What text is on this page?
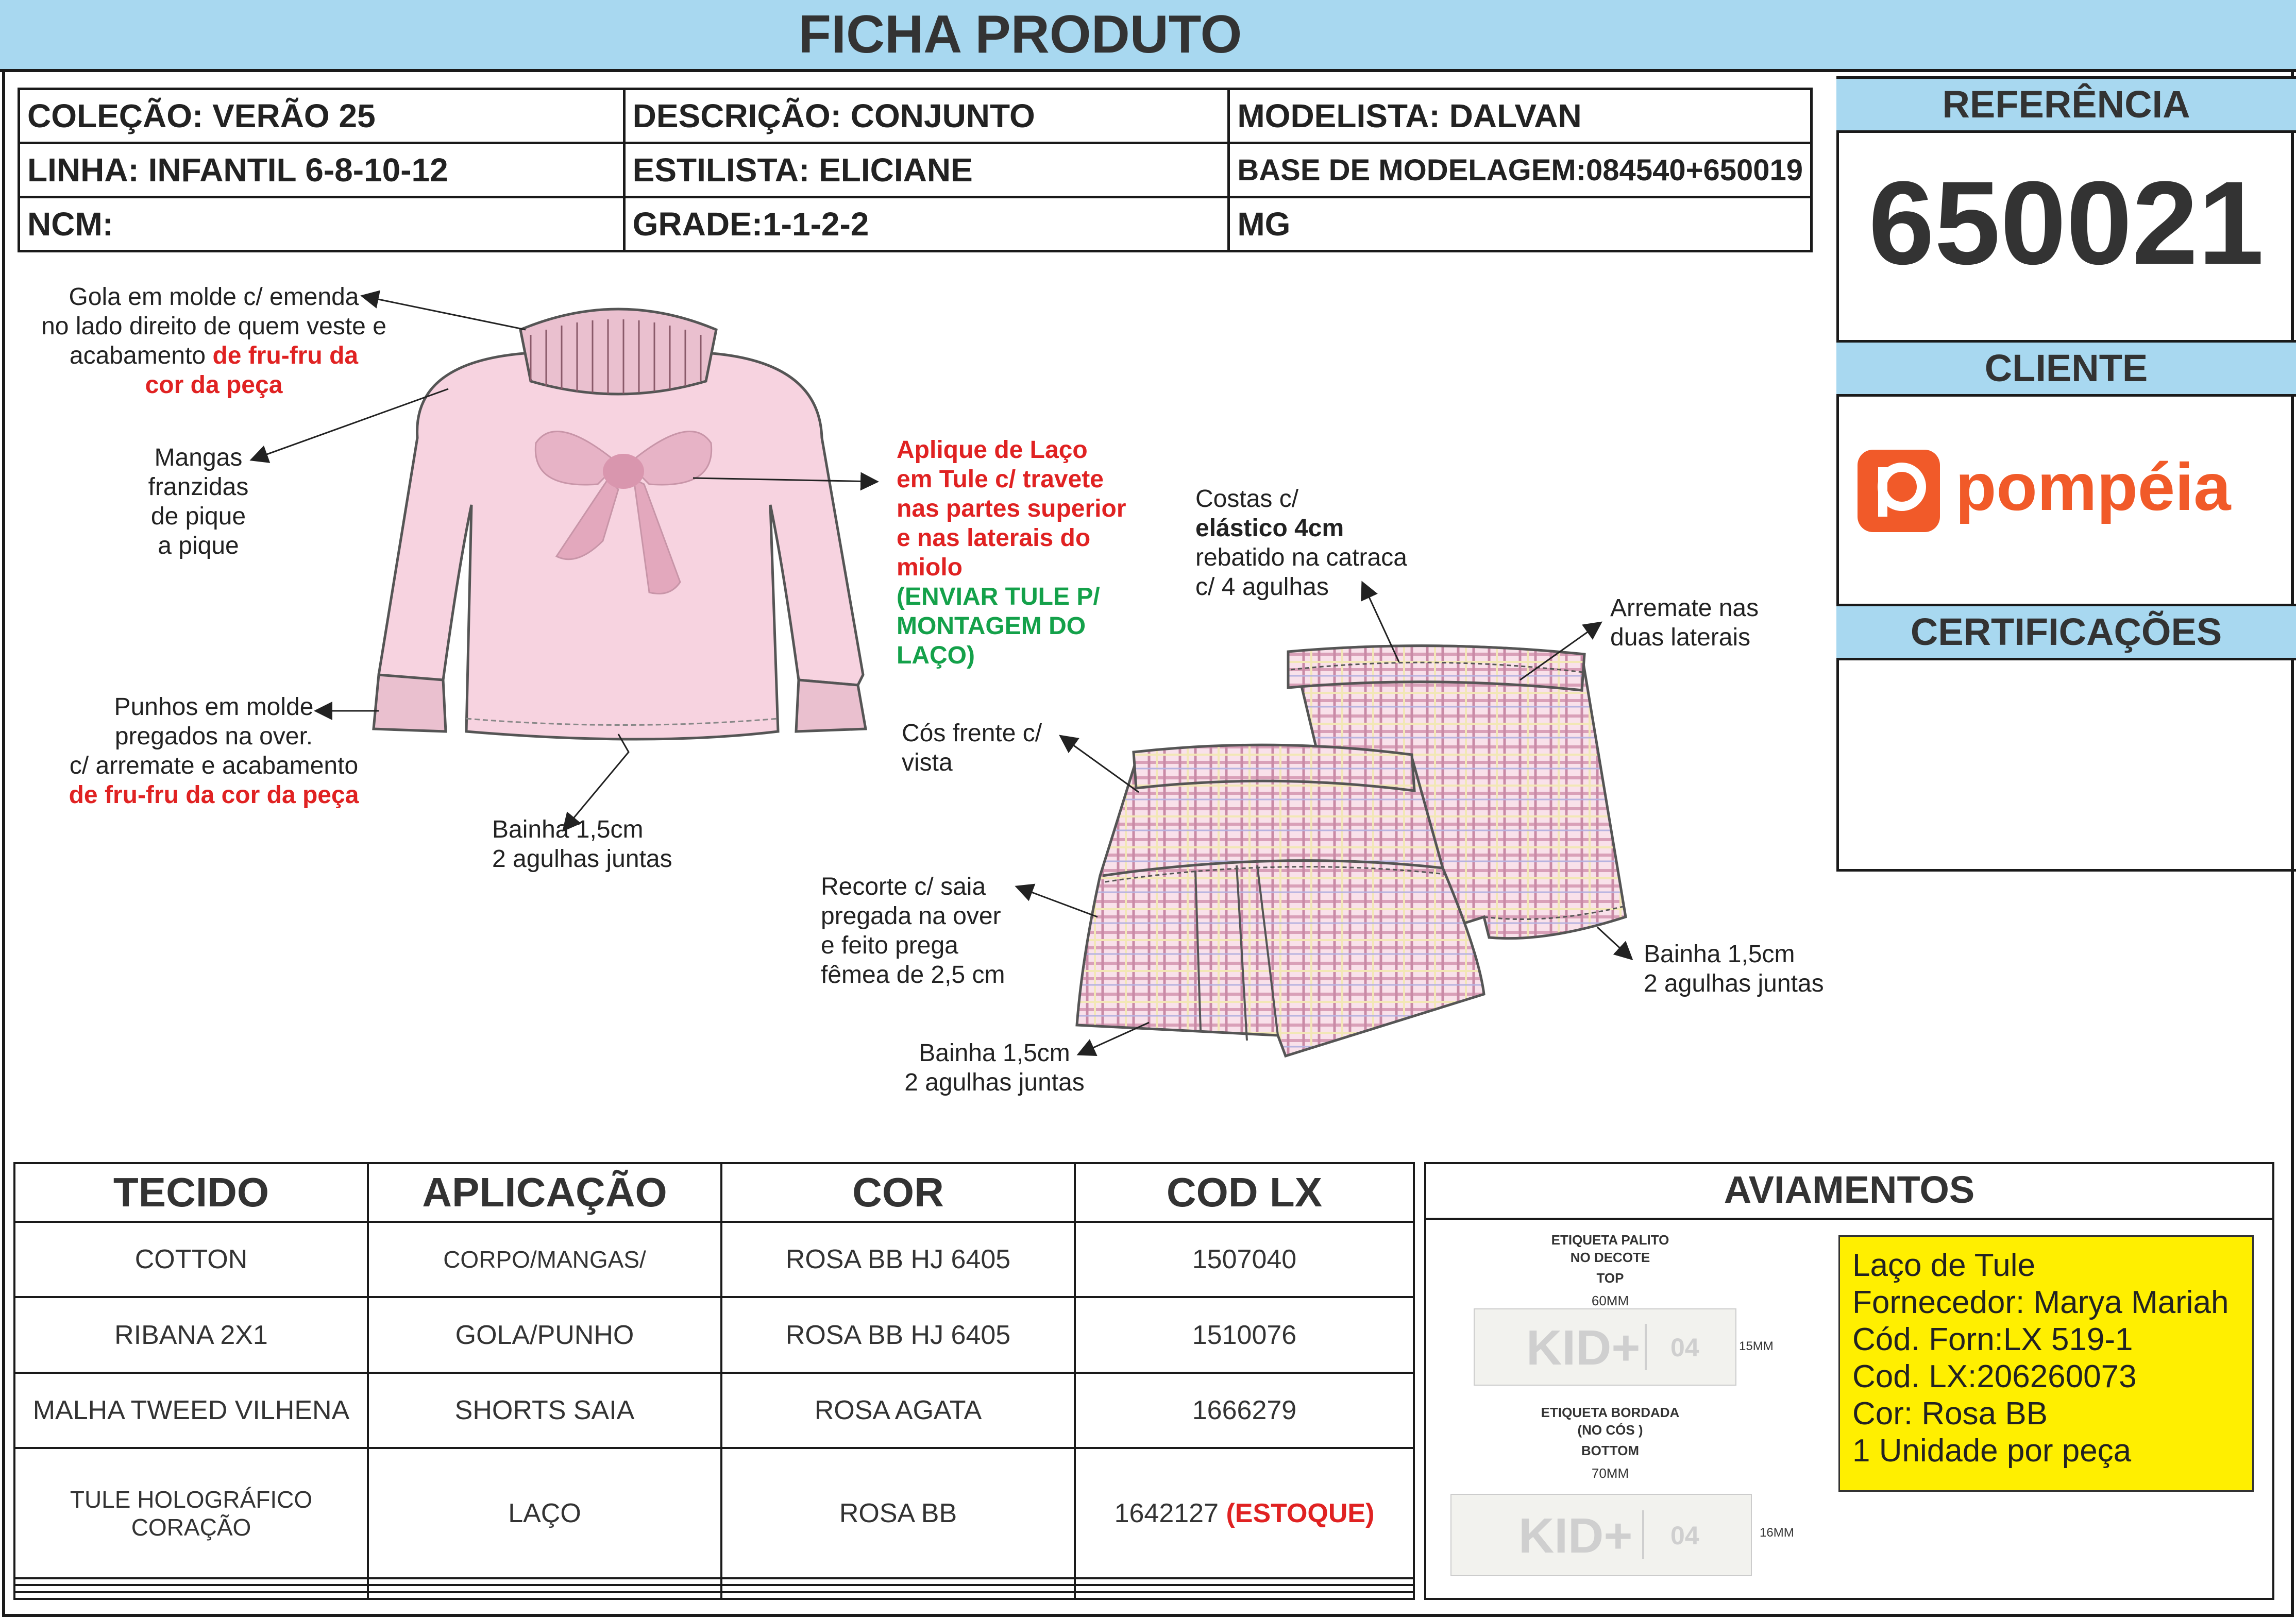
FICHA PRODUTO
COLEÇÃO: VERÃO 25	DESCRIÇÃO: CONJUNTO	MODELISTA: DALVAN
LINHA: INFANTIL 6-8-10-12	ESTILISTA: ELICIANE	BASE DE MODELAGEM:084540+650019
NCM:	GRADE:1-1-2-2	MG
REFERÊNCIA
650021
CLIENTE
pompéia
CERTIFICAÇÕES
Gola em molde c/ emenda
no lado direito de quem veste e
acabamento de fru-fru da
cor da peça
Mangas
franzidas
de pique
a pique
Aplique de Laço
em Tule c/ travete
nas partes superior
e nas laterais do
miolo
(ENVIAR TULE P/
MONTAGEM DO
LAÇO)
Punhos em molde
pregados na over.
c/ arremate e acabamento
de fru-fru da cor da peça
Bainha 1,5cm
2 agulhas juntas
Costas c/
elástico 4cm
rebatido na catraca
c/ 4 agulhas
Arremate nas
duas laterais
Cós frente c/
vista
Recorte c/ saia
pregada na over
e feito prega
fêmea de 2,5 cm
Bainha 1,5cm
2 agulhas juntas
Bainha 1,5cm
2 agulhas juntas
TECIDO	APLICAÇÃO	COR	COD LX
COTTON	CORPO/MANGAS/	ROSA BB HJ 6405	1507040
RIBANA 2X1	GOLA/PUNHO	ROSA BB HJ 6405	1510076
MALHA TWEED VILHENA	SHORTS SAIA	ROSA AGATA	1666279
TULE HOLOGRÁFICO CORAÇÃO	LAÇO	ROSA BB	1642127 (ESTOQUE)

AVIAMENTOS
ETIQUETA PALITO
NO DECOTE
TOP
60MM
KID+ 04	15MM
ETIQUETA BORDADA
(NO CÓS )
BOTTOM
70MM
KID+ 04	16MM
Laço de Tule
Fornecedor: Marya Mariah
Cód. Forn:LX 519-1
Cod. LX:206260073
Cor: Rosa BB
1 Unidade por peça
